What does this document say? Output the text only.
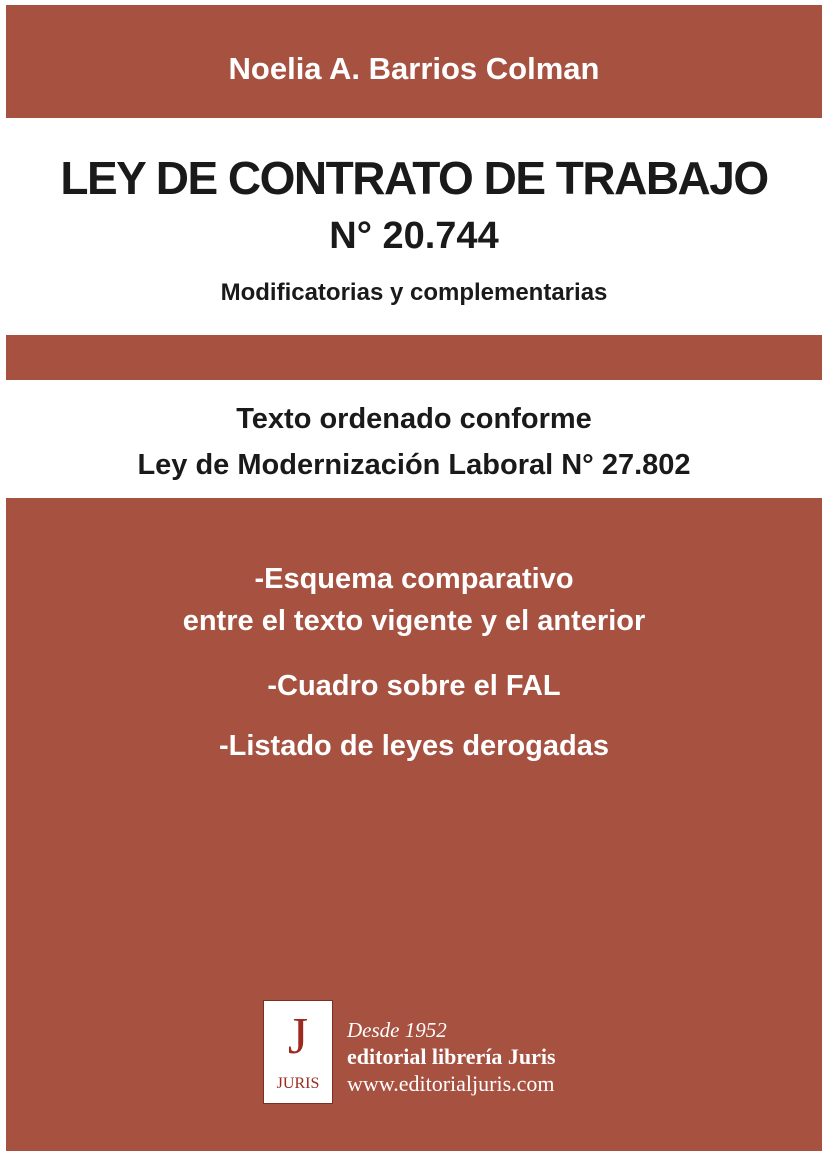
Noelia A. Barrios Colman
LEY DE CONTRATO DE TRABAJO
N° 20.744
Modificatorias y complementarias
Texto ordenado conforme
Ley de Modernización Laboral N° 27.802
-Esquema comparativo
entre el texto vigente y el anterior
-Cuadro sobre el FAL
-Listado de leyes derogadas
J
JURIS
Desde 1952
editorial librería Juris
www.editorialjuris.com
